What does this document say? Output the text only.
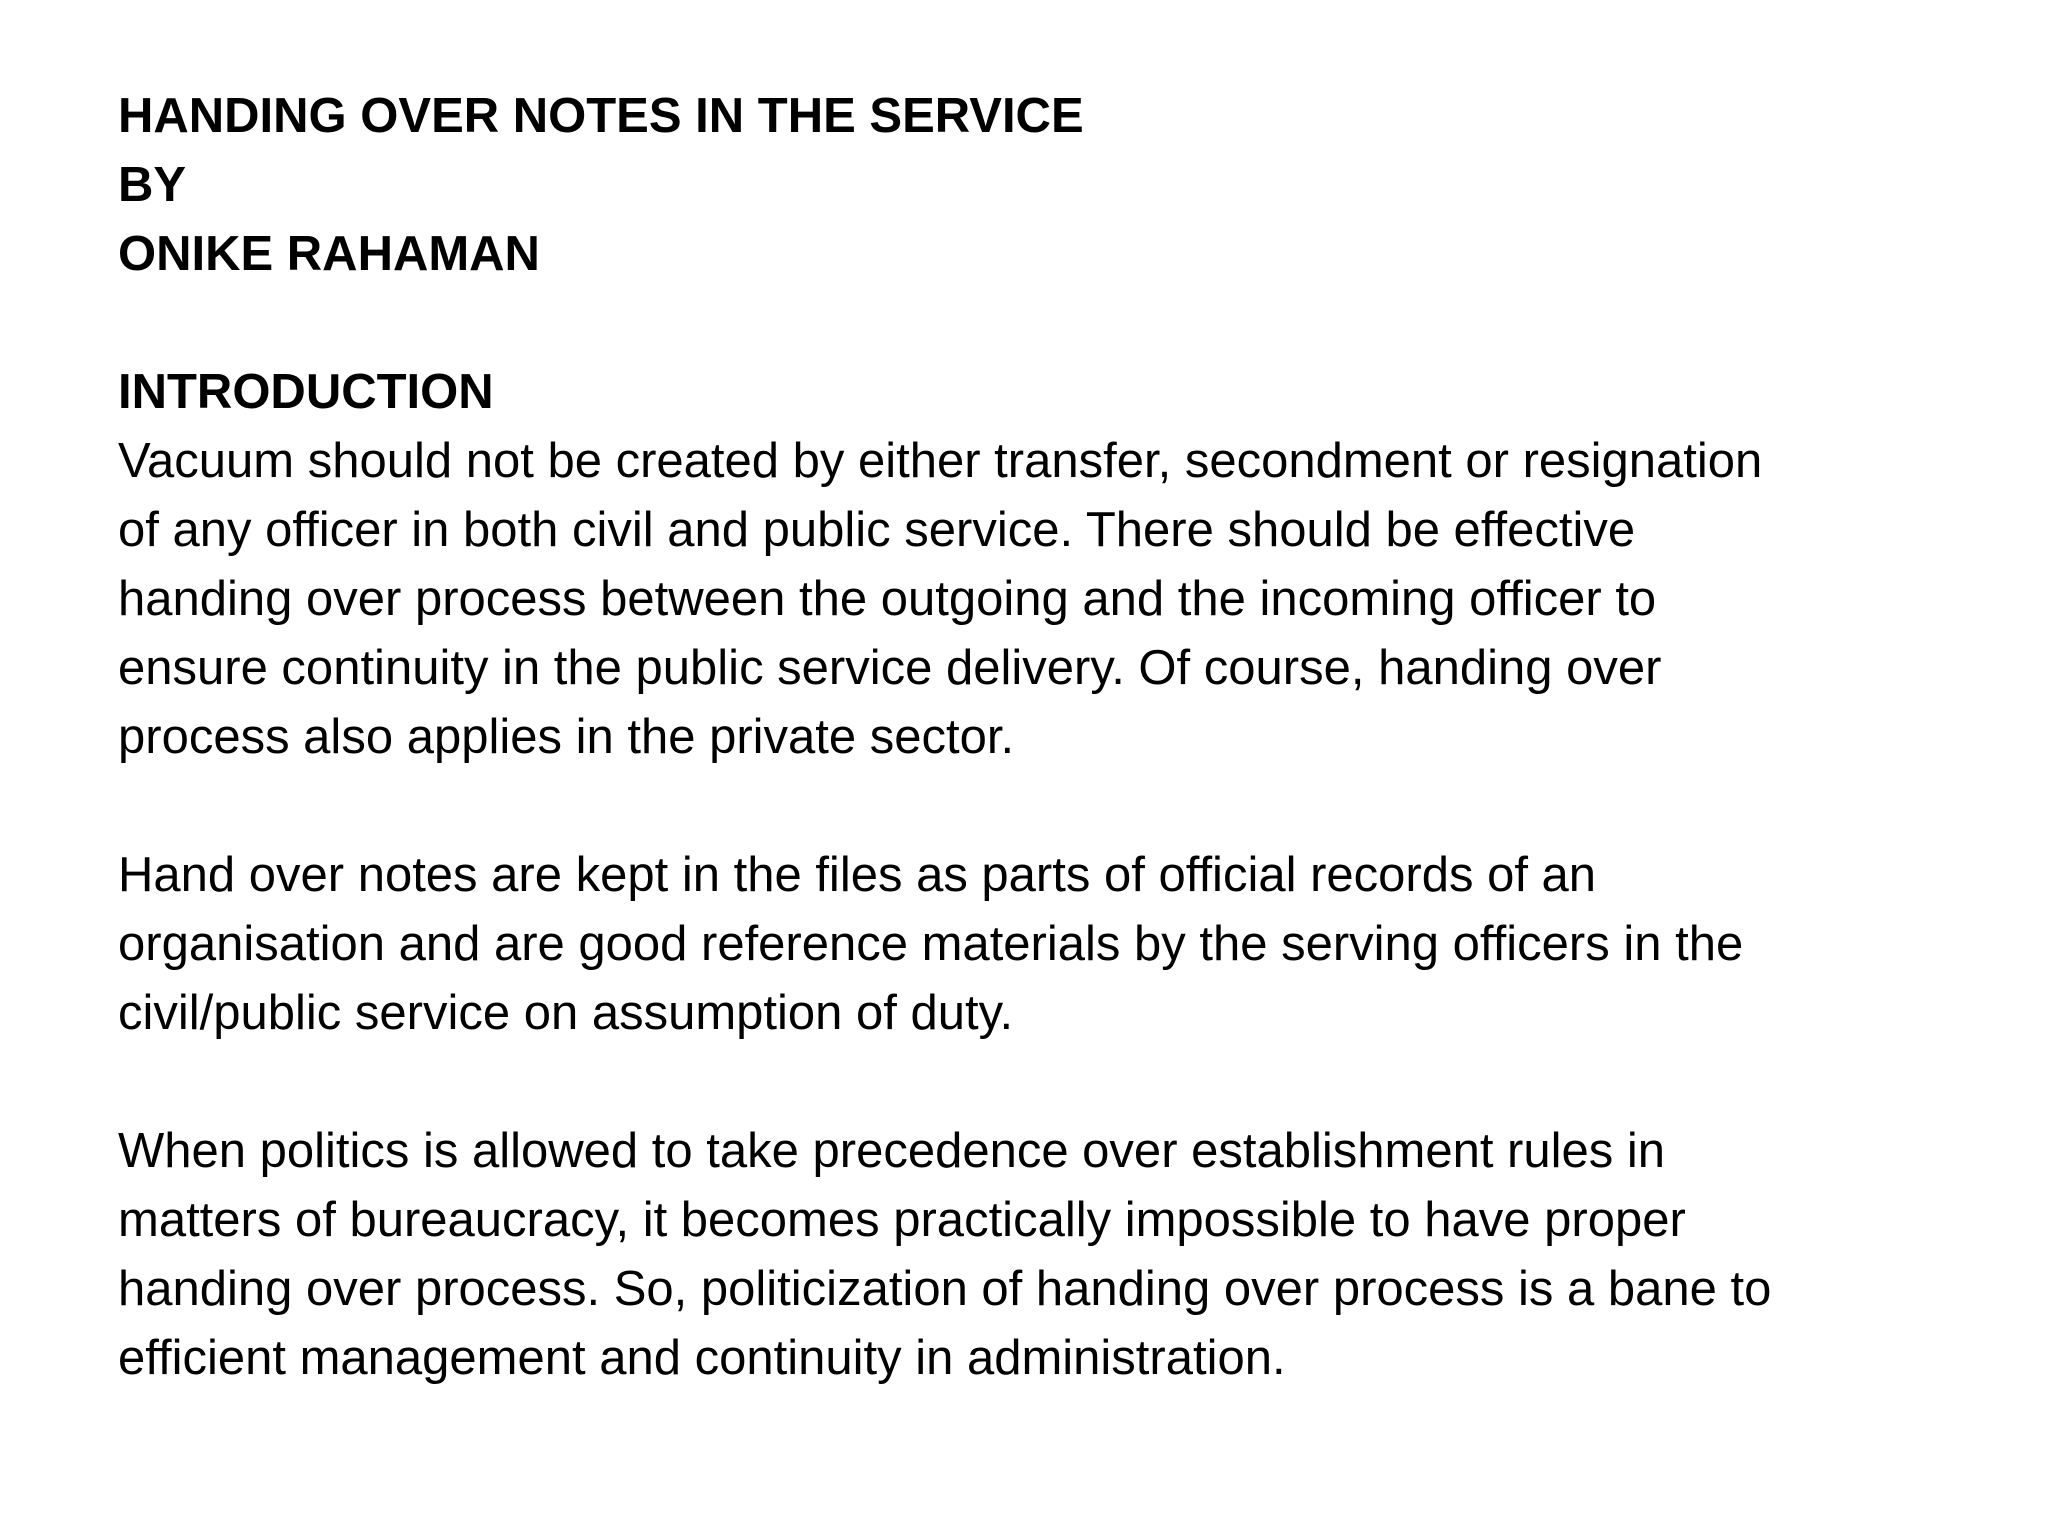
HANDING OVER NOTES IN THE SERVICE

BY

ONIKE RAHAMAN

INTRODUCTION

Vacuum should not be created by either transfer, secondment or resignation
of any officer in both civil and public service. There should be effective
handing over process between the outgoing and the incoming officer to
ensure continuity in the public service delivery. Of course, handing over
process also applies in the private sector.

Hand over notes are kept in the files as parts of official records of an
organisation and are good reference materials by the serving officers in the
civil/public service on assumption of duty.

When politics is allowed to take precedence over establishment rules in
matters of bureaucracy, it becomes practically impossible to have proper
handing over process. So, politicization of handing over process is a bane to
efficient management and continuity in administration.
